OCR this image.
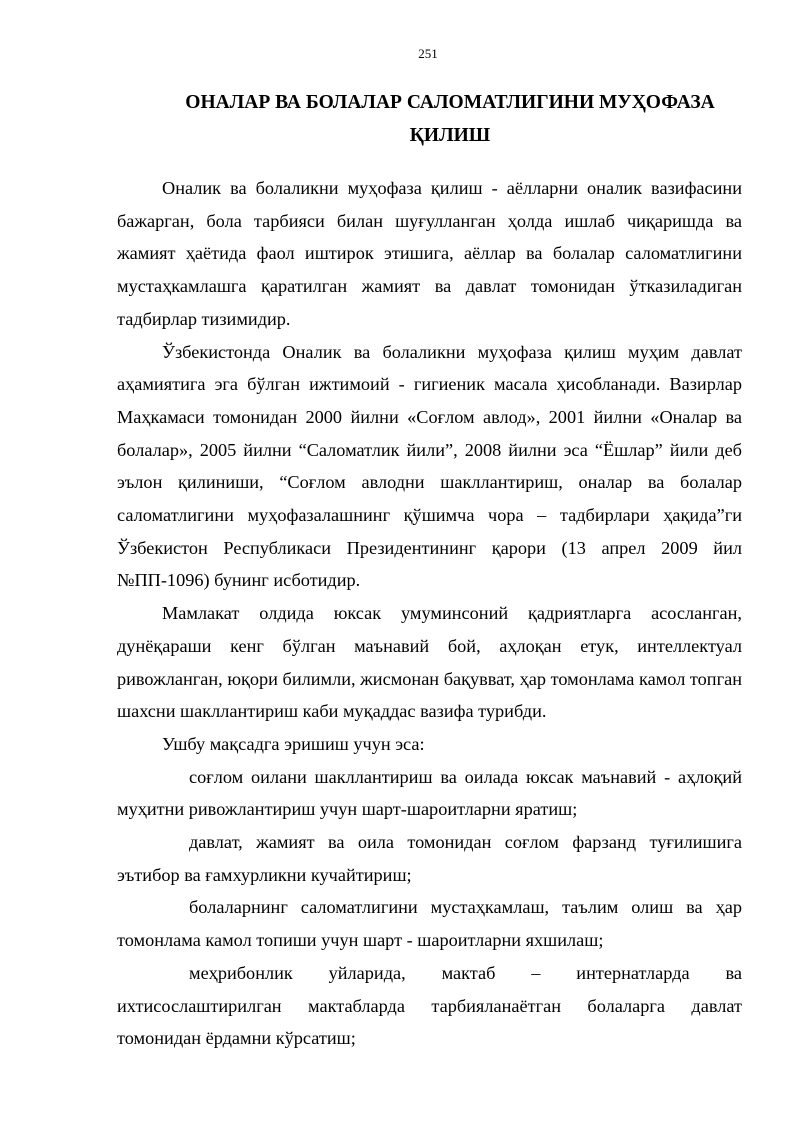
251
ОНАЛАР ВА БОЛАЛАР САЛОМАТЛИГИНИ МУҲОФАЗА
ҚИЛИШ

Оналик ва болаликни муҳофаза қилиш - аёлларни оналик вазифасини бажарган, бола тарбияси билан шуғулланган ҳолда ишлаб чиқаришда ва жамият ҳаётида фаол иштирок этишига, аёллар ва болалар саломатлигини мустаҳкамлашга қаратилган жамият ва давлат томонидан ўтказиладиган тадбирлар тизимидир.

Ўзбекистонда Оналик ва болаликни муҳофаза қилиш муҳим давлат аҳамиятига эга бўлган ижтимоий - гигиеник масала ҳисобланади. Вазирлар Маҳкамаси томонидан 2000 йилни «Соғлом авлод», 2001 йилни «Оналар ва болалар», 2005 йилни “Саломатлик йили”, 2008 йилни эса “Ёшлар” йили деб эълон қилиниши, “Соғлом авлодни шакллантириш, оналар ва болалар саломатлигини муҳофазалашнинг қўшимча чора – тадбирлари ҳақида”ги Ўзбекистон Республикаси Президентининг қарори (13 апрел 2009 йил №ПП-1096) бунинг исботидир.

Мамлакат олдида юксак умуминсоний қадриятларга асосланган, дунёқараши кенг бўлган маънавий бой, аҳлоқан етук, интеллектуал ривожланган, юқори билимли, жисмонан бақувват, ҳар томонлама камол топган шахсни шакллантириш каби муқаддас вазифа турибди.

Ушбу мақсадга эришиш учун эса:

соғлом оилани шакллантириш ва оилада юксак маънавий - аҳлоқий муҳитни ривожлантириш учун шарт-шароитларни яратиш;

давлат, жамият ва оила томонидан соғлом фарзанд туғилишига эътибор ва ғамхурликни кучайтириш;

болаларнинг саломатлигини мустаҳкамлаш, таълим олиш ва ҳар томонлама камол топиши учун шарт - шароитларни яхшилаш;

меҳрибонлик уйларида, мактаб – интернатларда ва
ихтисослаштирилган мактабларда тарбияланаётган болаларга давлат
томонидан ёрдамни кўрсатиш;
